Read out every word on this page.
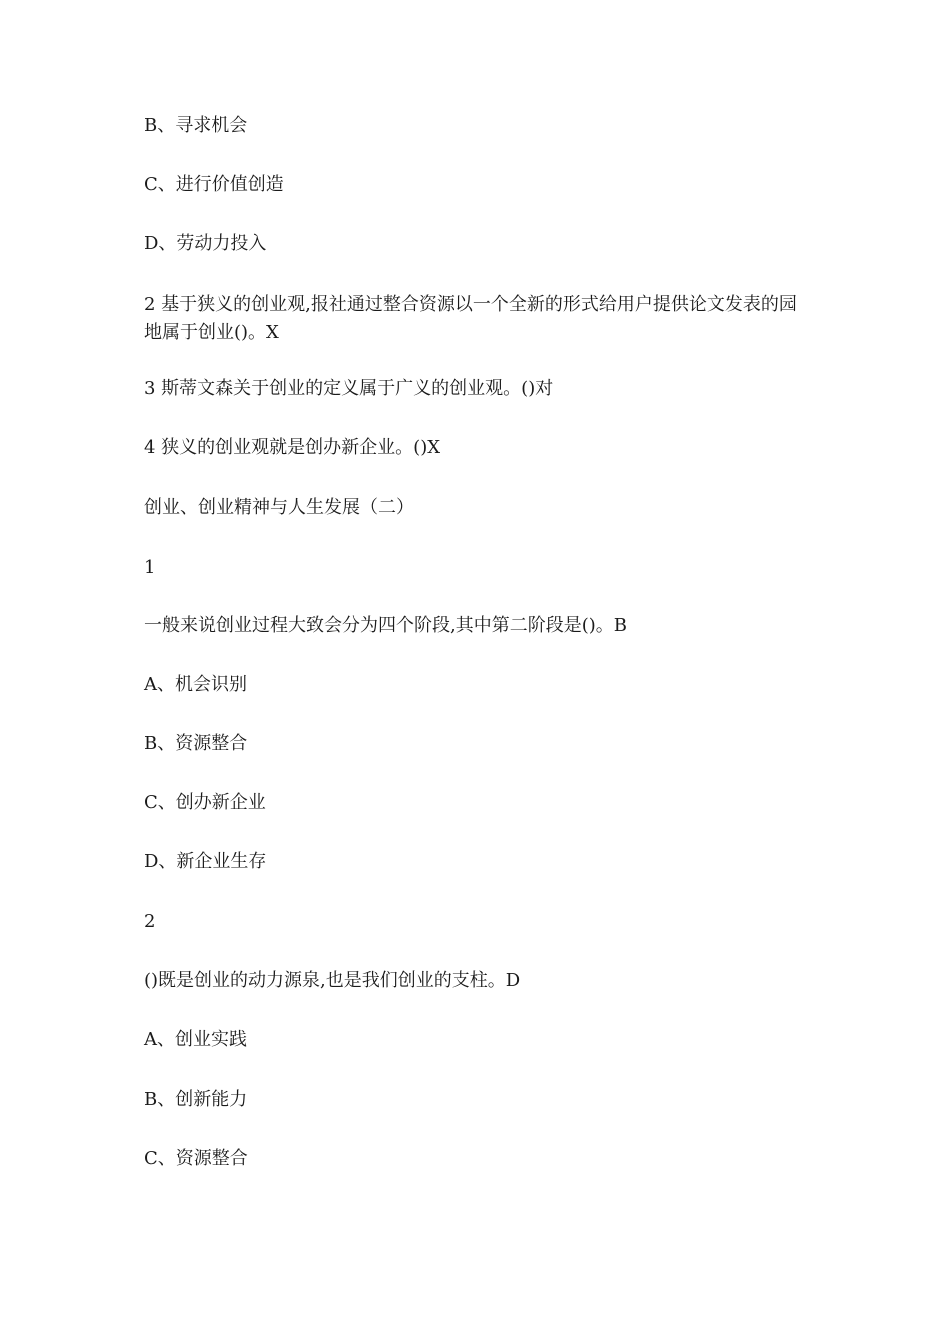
B、寻求机会
C、进行价值创造
D、劳动力投入
2 基于狭义的创业观,报社通过整合资源以一个全新的形式给用户提供论文发表的园地属于创业()。X
3 斯蒂文森关于创业的定义属于广义的创业观。()对
4 狭义的创业观就是创办新企业。()X
创业、创业精神与人生发展（二）
1
一般来说创业过程大致会分为四个阶段,其中第二阶段是()。B
A、机会识别
B、资源整合
C、创办新企业
D、新企业生存
2
()既是创业的动力源泉,也是我们创业的支柱。D
A、创业实践
B、创新能力
C、资源整合
